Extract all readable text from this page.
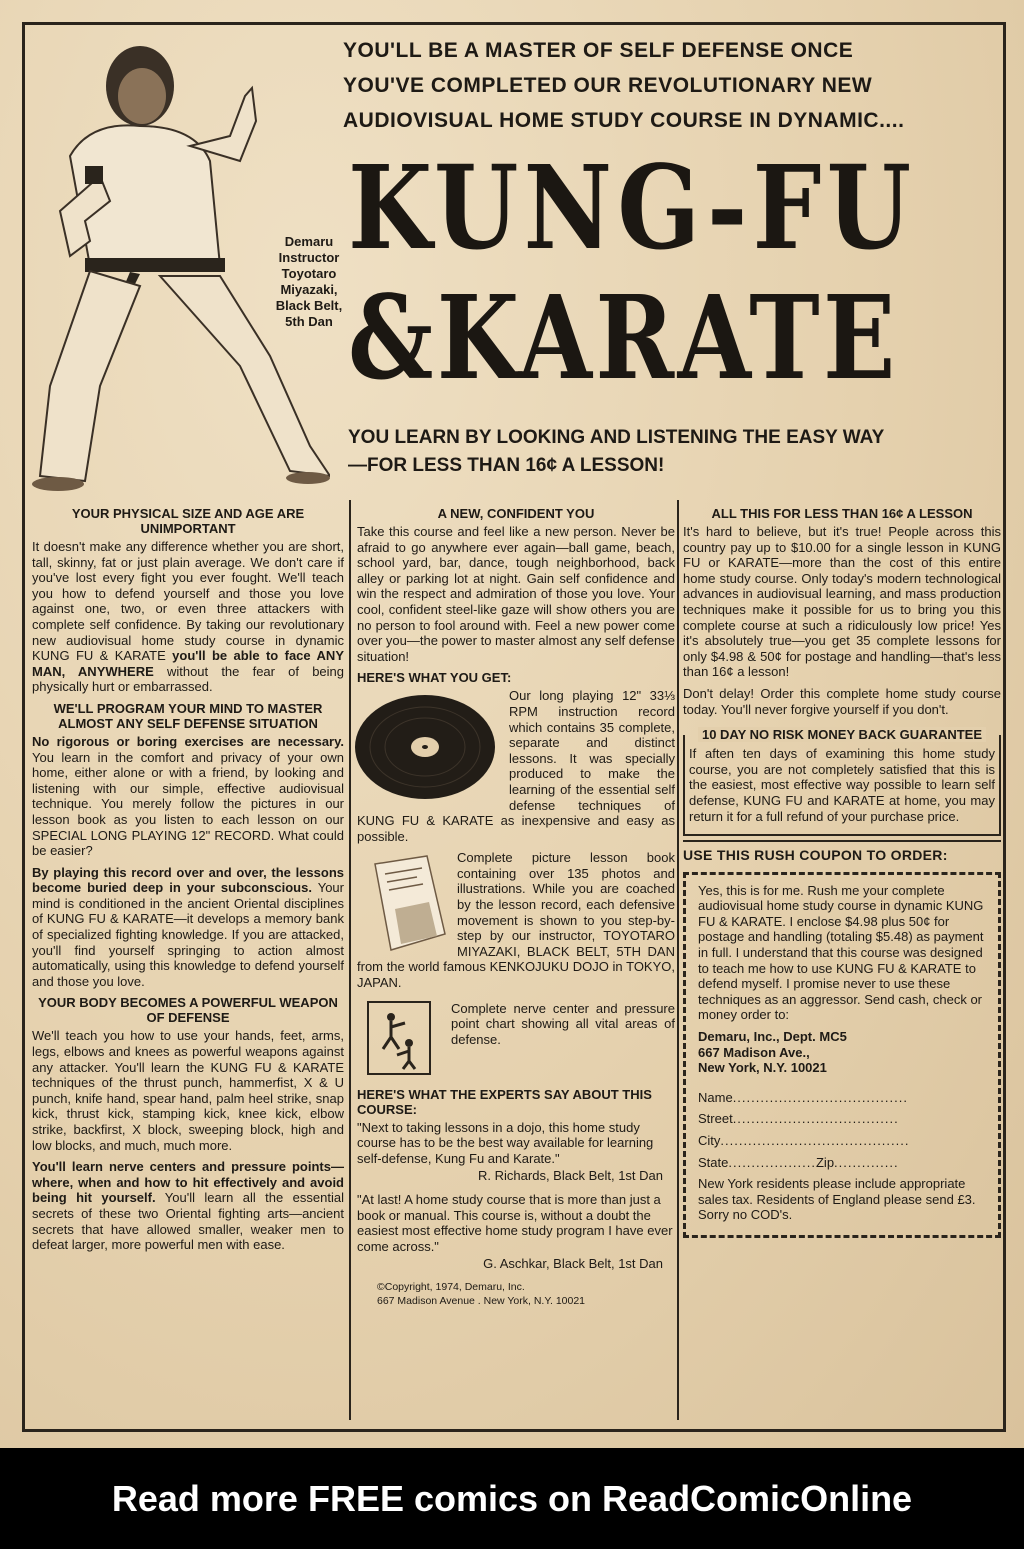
Demaru Instructor
Toyotaro Miyazaki,
Black Belt,
5th Dan
YOU'LL BE A MASTER OF SELF DEFENSE ONCE
YOU'VE COMPLETED OUR REVOLUTIONARY NEW
AUDIOVISUAL HOME STUDY COURSE IN DYNAMIC....
KUNG-FU
&KARATE
YOU LEARN BY LOOKING AND LISTENING THE EASY WAY
—FOR LESS THAN 16¢ A LESSON!
YOUR PHYSICAL SIZE AND AGE ARE UNIMPORTANT

It doesn't make any difference whether you are short, tall, skinny, fat or just plain average. We don't care if you've lost every fight you ever fought. We'll teach you how to defend yourself and those you love against one, two, or even three attackers with complete self confidence. By taking our revolutionary new audiovisual home study course in dynamic KUNG FU & KARATE you'll be able to face ANY MAN, ANYWHERE without the fear of being physically hurt or embarrassed.

WE'LL PROGRAM YOUR MIND TO MASTER ALMOST ANY SELF DEFENSE SITUATION

No rigorous or boring exercises are necessary. You learn in the comfort and privacy of your own home, either alone or with a friend, by looking and listening with our simple, effective audiovisual technique. You merely follow the pictures in our lesson book as you listen to each lesson on our SPECIAL LONG PLAYING 12" RECORD. What could be easier?

By playing this record over and over, the lessons become buried deep in your subconscious. Your mind is conditioned in the ancient Oriental disciplines of KUNG FU & KARATE—it develops a memory bank of specialized fighting knowledge. If you are attacked, you'll find yourself springing to action almost automatically, using this knowledge to defend yourself and those you love.

YOUR BODY BECOMES A POWERFUL WEAPON OF DEFENSE

We'll teach you how to use your hands, feet, arms, legs, elbows and knees as powerful weapons against any attacker. You'll learn the KUNG FU & KARATE techniques of the thrust punch, hammerfist, X & U punch, knife hand, spear hand, palm heel strike, snap kick, thrust kick, stamping kick, knee kick, elbow strike, backfirst, X block, sweeping block, high and low blocks, and much, much more.

You'll learn nerve centers and pressure points—where, when and how to hit effectively and avoid being hit yourself. You'll learn all the essential secrets of these two Oriental fighting arts—ancient secrets that have allowed smaller, weaker men to defeat larger, more powerful men with ease.

A NEW, CONFIDENT YOU

Take this course and feel like a new person. Never be afraid to go anywhere ever again—ball game, beach, school yard, bar, dance, tough neighborhood, back alley or parking lot at night. Gain self confidence and win the respect and admiration of those you love. Your cool, confident steel-like gaze will show others you are no person to fool around with. Feel a new power come over you—the power to master almost any self defense situation!

HERE'S WHAT YOU GET:

Our long playing 12" 33⅓ RPM instruction record which contains 35 complete, separate and distinct lessons. It was specially produced to make the learning of the essential self defense techniques of KUNG FU & KARATE as inexpensive and easy as possible.

Complete picture lesson book containing over 135 photos and illustrations. While you are coached by the lesson record, each defensive movement is shown to you step-by-step by our instructor, TOYOTARO MIYAZAKI, BLACK BELT, 5TH DAN from the world famous KENKOJUKU DOJO in TOKYO, JAPAN.

Complete nerve center and pressure point chart showing all vital areas of defense.

HERE'S WHAT THE EXPERTS SAY ABOUT THIS COURSE:

"Next to taking lessons in a dojo, this home study course has to be the best way available for learning self-defense, Kung Fu and Karate."

R. Richards, Black Belt, 1st Dan

"At last! A home study course that is more than just a book or manual. This course is, without a doubt the easiest most effective home study program I have ever come across."

G. Aschkar, Black Belt, 1st Dan
©Copyright, 1974, Demaru, Inc.
667 Madison Avenue . New York, N.Y. 10021
ALL THIS FOR LESS THAN 16¢ A LESSON

It's hard to believe, but it's true! People across this country pay up to $10.00 for a single lesson in KUNG FU or KARATE—more than the cost of this entire home study course. Only today's modern technological advances in audiovisual learning, and mass production techniques make it possible for us to bring you this complete course at such a ridiculously low price! Yes it's absolutely true—you get 35 complete lessons for only $4.98 & 50¢ for postage and handling—that's less than 16¢ a lesson!

Don't delay! Order this complete home study course today. You'll never forgive yourself if you don't.

10 DAY NO RISK MONEY BACK GUARANTEE

If aften ten days of examining this home study course, you are not completely satisfied that this is the easiest, most effective way possible to learn self defense, KUNG FU and KARATE at home, you may return it for a full refund of your purchase price.

USE THIS RUSH COUPON TO ORDER:

Yes, this is for me. Rush me your complete audiovisual home study course in dynamic KUNG FU & KARATE. I enclose $4.98 plus 50¢ for postage and handling (totaling $5.48) as payment in full. I understand that this course was designed to teach me how to use KUNG FU & KARATE to defend myself. I promise never to use these techniques as an aggressor. Send cash, check or money order to:

Demaru, Inc., Dept. MC5
667 Madison Ave.,
New York, N.Y. 10021
Name......................................
Street....................................
City.........................................
State...................Zip..............

New York residents please include appropriate sales tax. Residents of England please send £3. Sorry no COD's.

Read more FREE comics on ReadComicOnline
